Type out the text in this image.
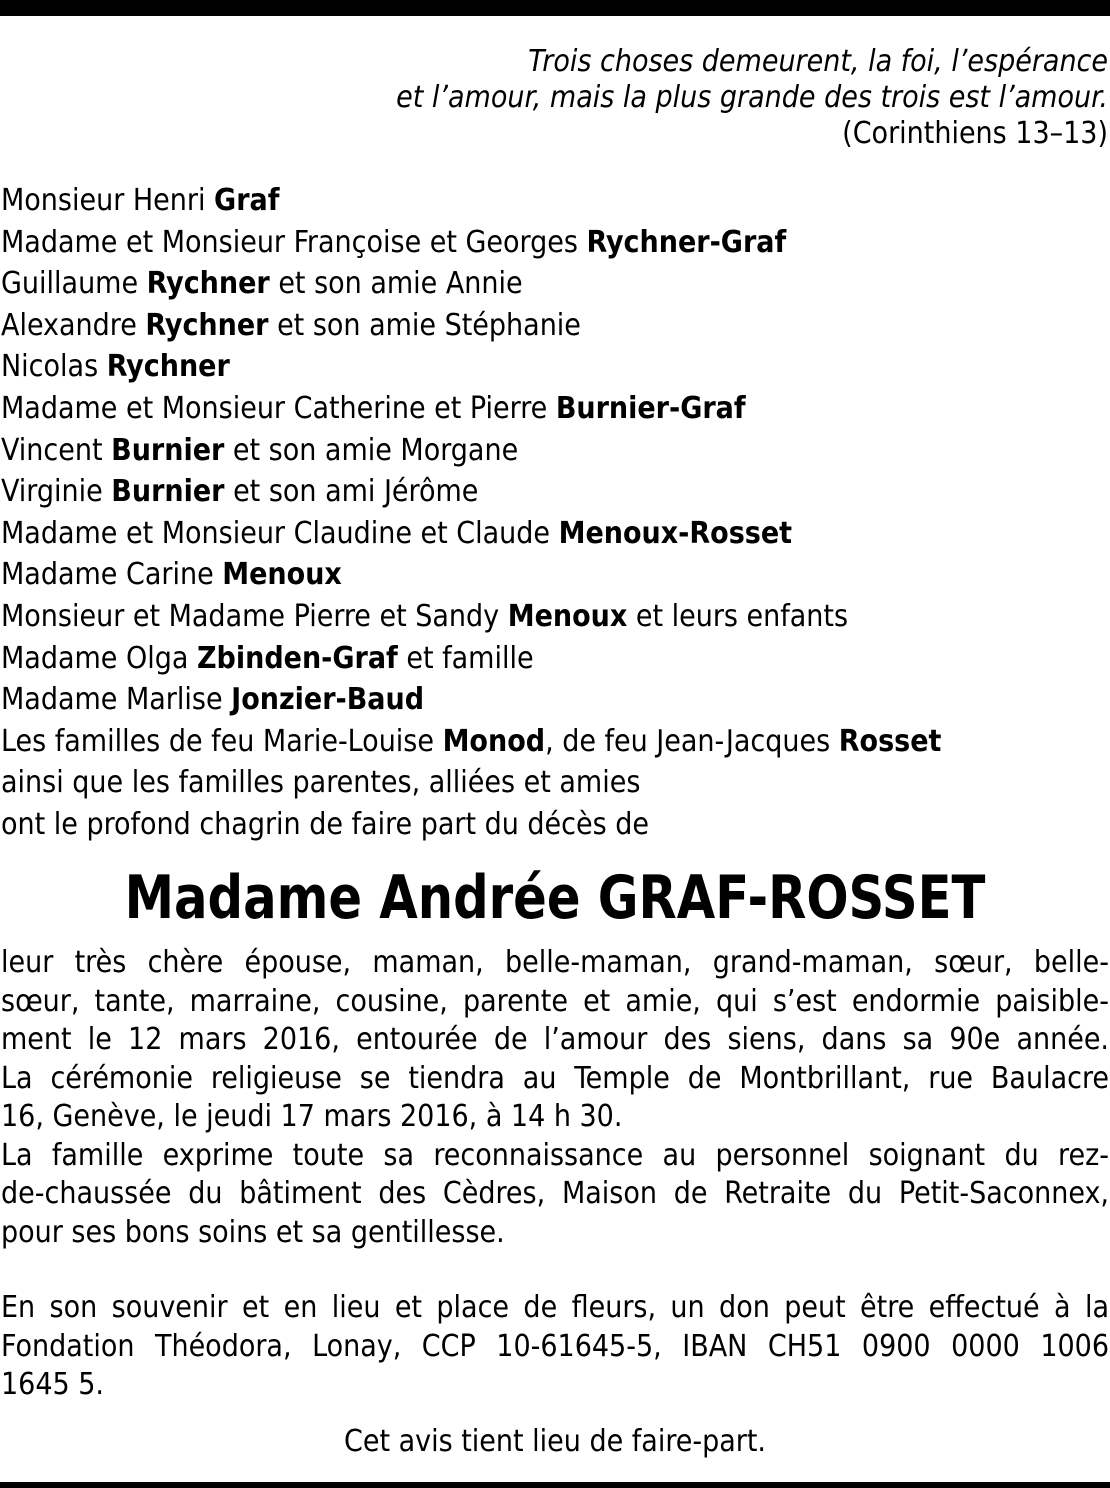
Trois choses demeurent, la foi, l’espérance
et l’amour, mais la plus grande des trois est l’amour.
(Corinthiens 13–13)
Monsieur Henri Graf
Madame et Monsieur Françoise et Georges Rychner-Graf
Guillaume Rychner et son amie Annie
Alexandre Rychner et son amie Stéphanie
Nicolas Rychner
Madame et Monsieur Catherine et Pierre Burnier-Graf
Vincent Burnier et son amie Morgane
Virginie Burnier et son ami Jérôme
Madame et Monsieur Claudine et Claude Menoux-Rosset
Madame Carine Menoux
Monsieur et Madame Pierre et Sandy Menoux et leurs enfants
Madame Olga Zbinden-Graf et famille
Madame Marlise Jonzier-Baud
Les familles de feu Marie-Louise Monod, de feu Jean-Jacques Rosset
ainsi que les familles parentes, alliées et amies
ont le profond chagrin de faire part du décès de
Madame Andrée GRAF-ROSSET
leur très chère épouse, maman, belle-maman, grand-maman, sœur, belle-
sœur, tante, marraine, cousine, parente et amie, qui s’est endormie paisible-
ment le 12 mars 2016, entourée de l’amour des siens, dans sa 90e année.
La cérémonie religieuse se tiendra au Temple de Montbrillant, rue Baulacre
16, Genève, le jeudi 17 mars 2016, à 14 h 30.
La famille exprime toute sa reconnaissance au personnel soignant du rez-
de-chaussée du bâtiment des Cèdres, Maison de Retraite du Petit-Saconnex,
pour ses bons soins et sa gentillesse.
En son souvenir et en lieu et place de fleurs, un don peut être effectué à la
Fondation Théodora, Lonay, CCP 10-61645-5, IBAN CH51 0900 0000 1006
1645 5.
Cet avis tient lieu de faire-part.
